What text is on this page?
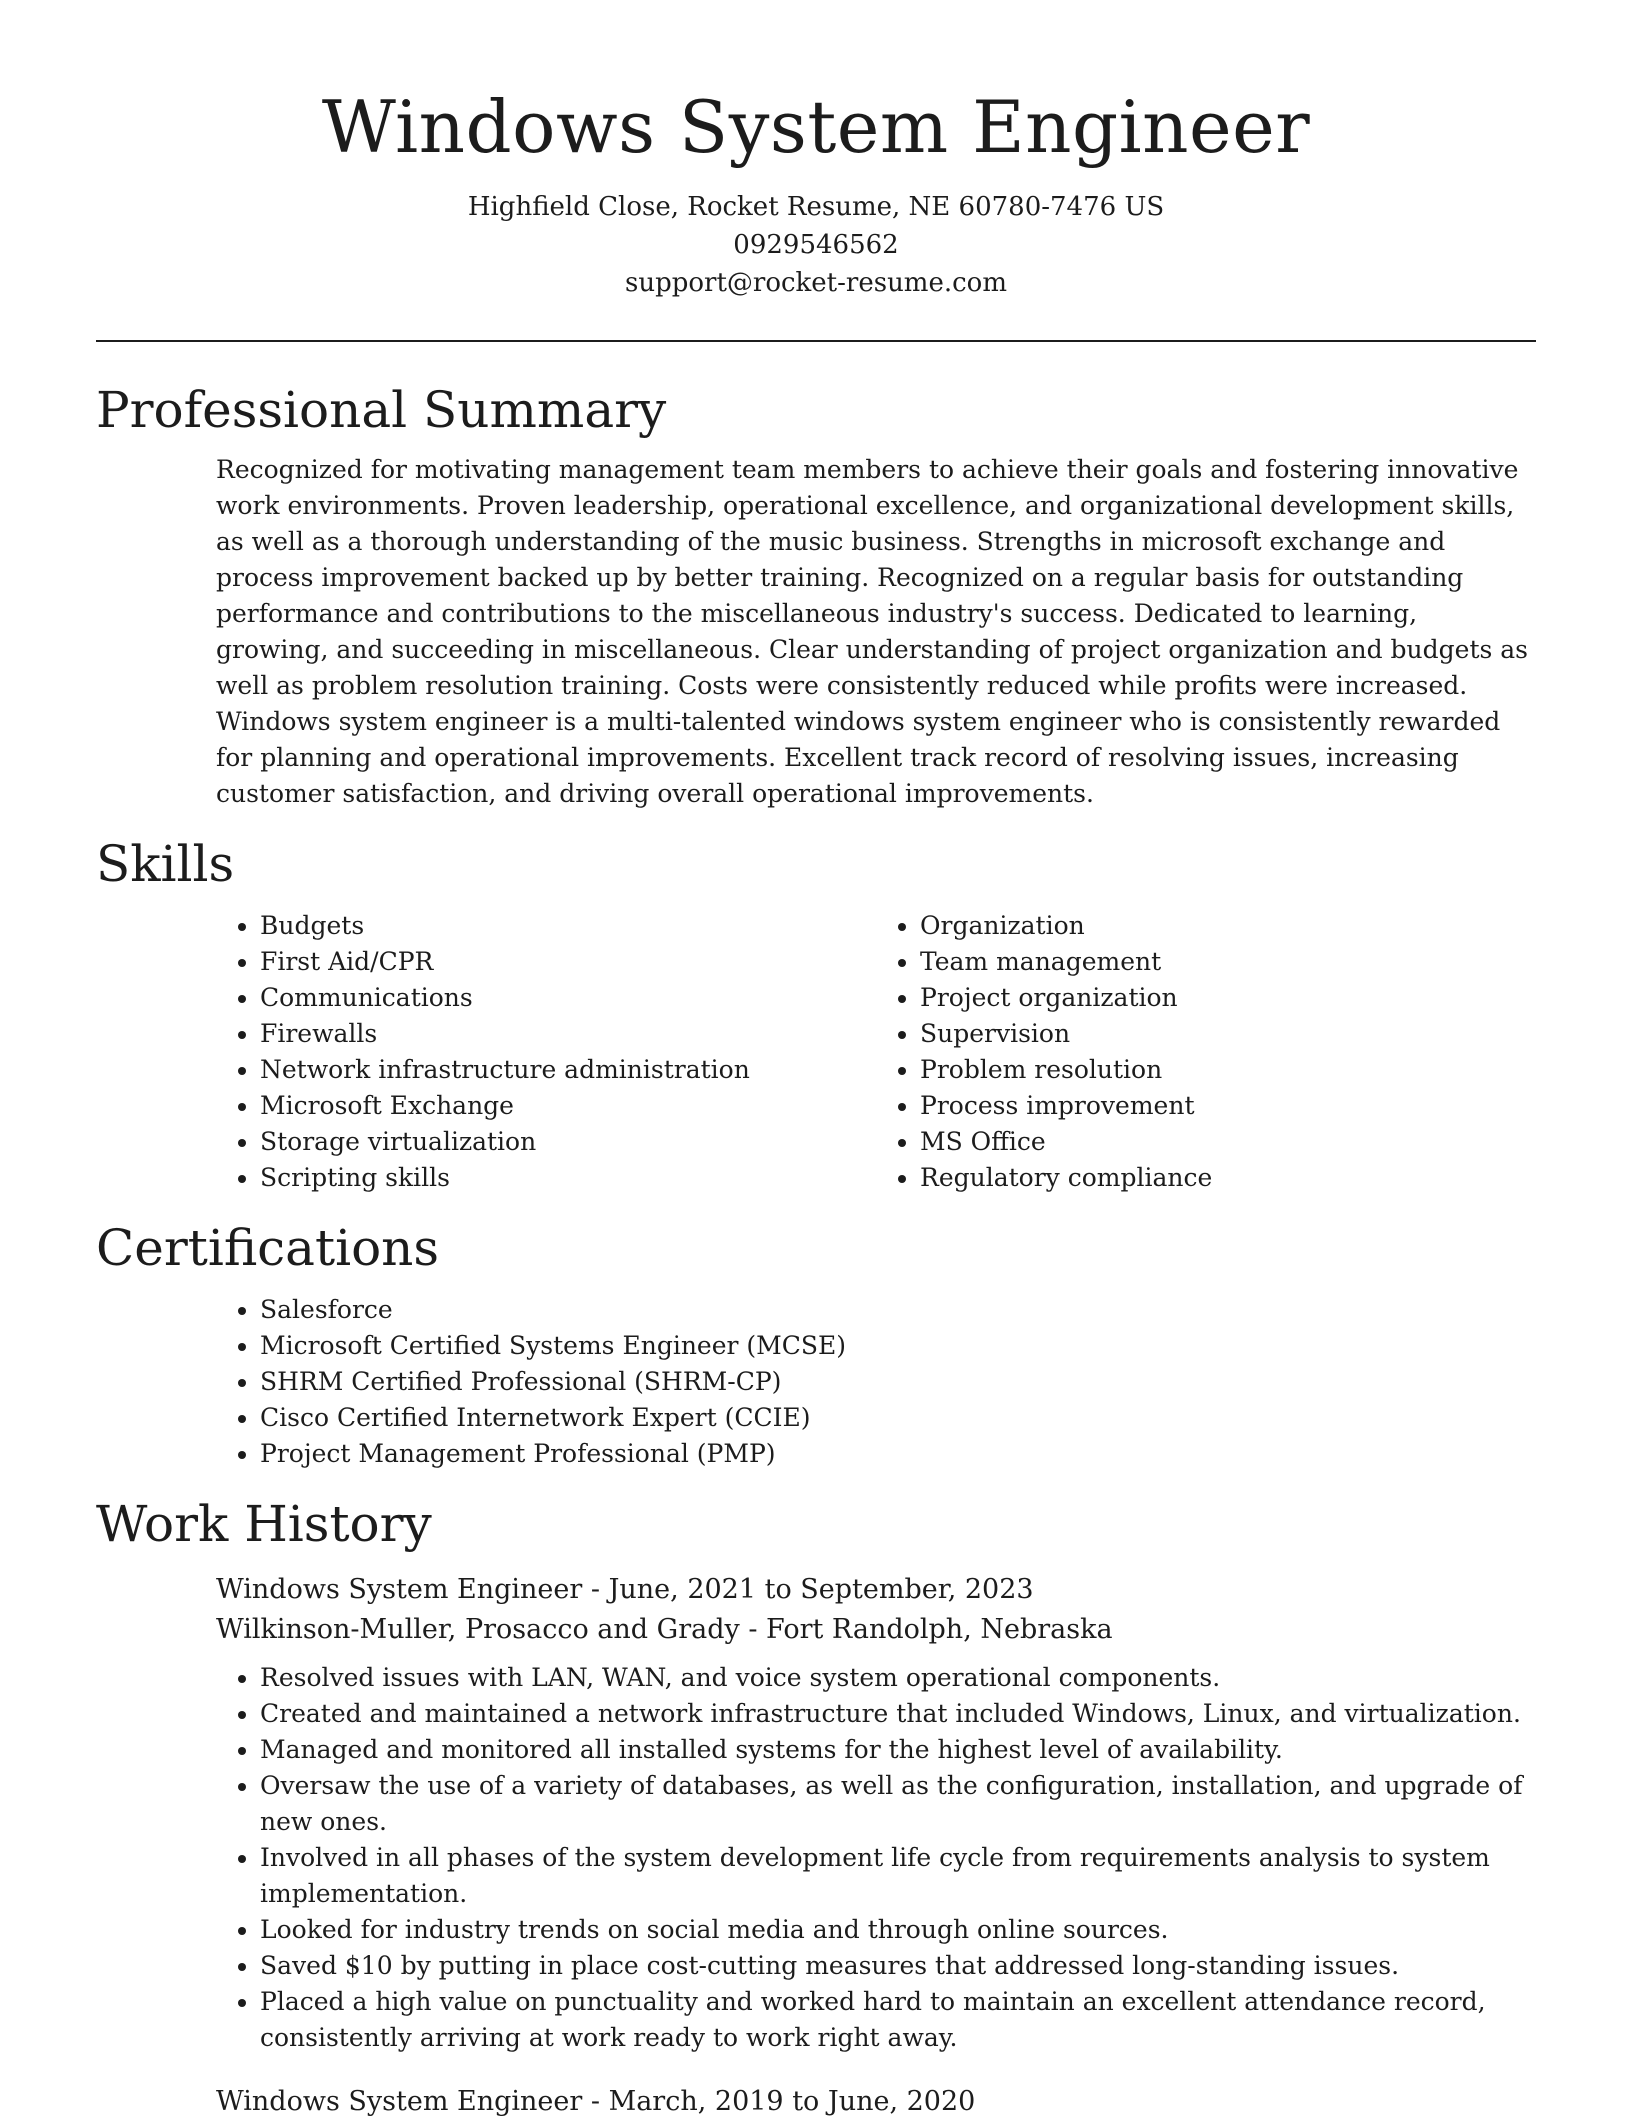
Windows System Engineer
Highfield Close, Rocket Resume, NE 60780-7476 US
0929546562
support@rocket-resume.com
Professional Summary
Recognized for motivating management team members to achieve their goals and fostering innovative work environments. Proven leadership, operational excellence, and organizational development skills, as well as a thorough understanding of the music business. Strengths in microsoft exchange and process improvement backed up by better training. Recognized on a regular basis for outstanding performance and contributions to the miscellaneous industry's success. Dedicated to learning, growing, and succeeding in miscellaneous. Clear understanding of project organization and budgets as well as problem resolution training. Costs were consistently reduced while profits were increased. Windows system engineer is a multi-talented windows system engineer who is consistently rewarded for planning and operational improvements. Excellent track record of resolving issues, increasing customer satisfaction, and driving overall operational improvements.
Skills
• Budgets
• First Aid/CPR
• Communications
• Firewalls
• Network infrastructure administration
• Microsoft Exchange
• Storage virtualization
• Scripting skills
• Organization
• Team management
• Project organization
• Supervision
• Problem resolution
• Process improvement
• MS Office
• Regulatory compliance
Certifications
• Salesforce
• Microsoft Certified Systems Engineer (MCSE)
• SHRM Certified Professional (SHRM-CP)
• Cisco Certified Internetwork Expert (CCIE)
• Project Management Professional (PMP)
Work History
Windows System Engineer - June, 2021 to September, 2023
Wilkinson-Muller, Prosacco and Grady - Fort Randolph, Nebraska
• Resolved issues with LAN, WAN, and voice system operational components.
• Created and maintained a network infrastructure that included Windows, Linux, and virtualization.
• Managed and monitored all installed systems for the highest level of availability.
• Oversaw the use of a variety of databases, as well as the configuration, installation, and upgrade of new ones.
• Involved in all phases of the system development life cycle from requirements analysis to system implementation.
• Looked for industry trends on social media and through online sources.
• Saved $10 by putting in place cost-cutting measures that addressed long-standing issues.
• Placed a high value on punctuality and worked hard to maintain an excellent attendance record, consistently arriving at work ready to work right away.
Windows System Engineer - March, 2019 to June, 2020
